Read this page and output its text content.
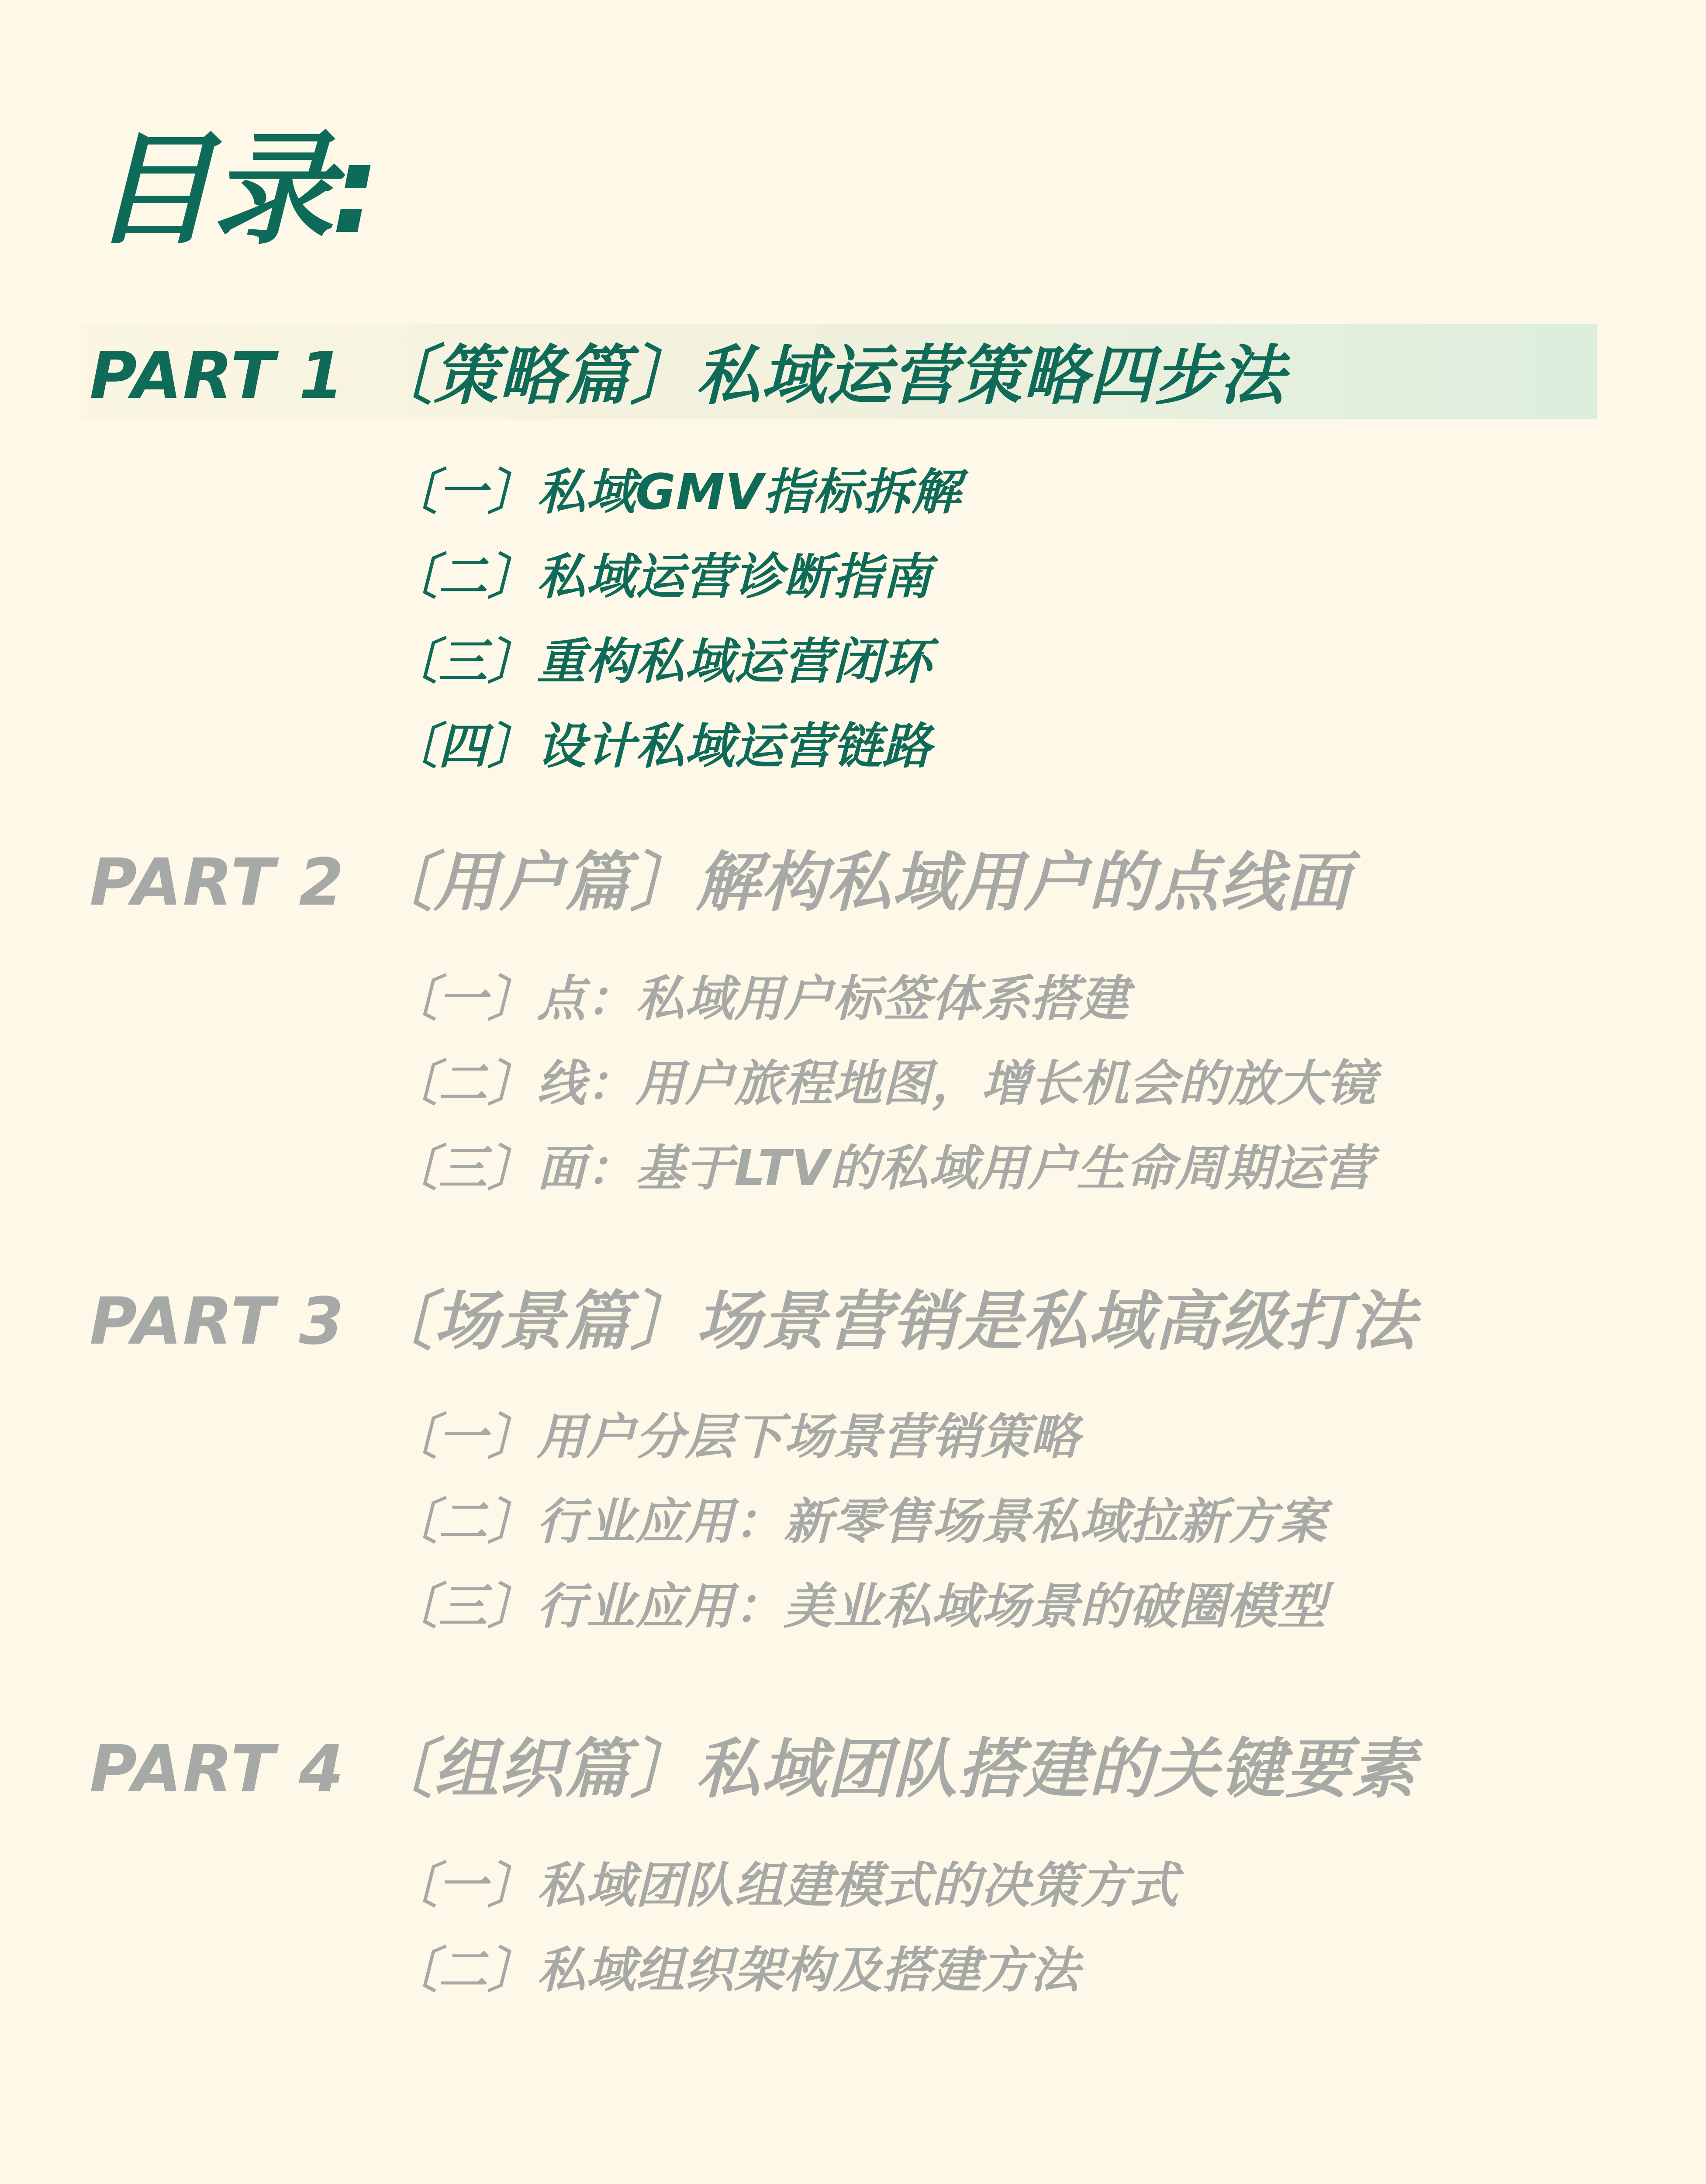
目录:
PART 1 〔策略篇〕私域运营策略四步法

〔一〕私域GMV指标拆解

〔二〕私域运营诊断指南

〔三〕重构私域运营闭环

〔四〕设计私域运营链路

PART 2 〔用户篇〕解构私域用户的点线面

〔一〕点：私域用户标签体系搭建

〔二〕线：用户旅程地图，增长机会的放大镜

〔三〕面：基于LTV的私域用户生命周期运营

PART 3 〔场景篇〕场景营销是私域高级打法

〔一〕用户分层下场景营销策略

〔二〕行业应用：新零售场景私域拉新方案

〔三〕行业应用：美业私域场景的破圈模型

PART 4 〔组织篇〕私域团队搭建的关键要素

〔一〕私域团队组建模式的决策方式

〔二〕私域组织架构及搭建方法
